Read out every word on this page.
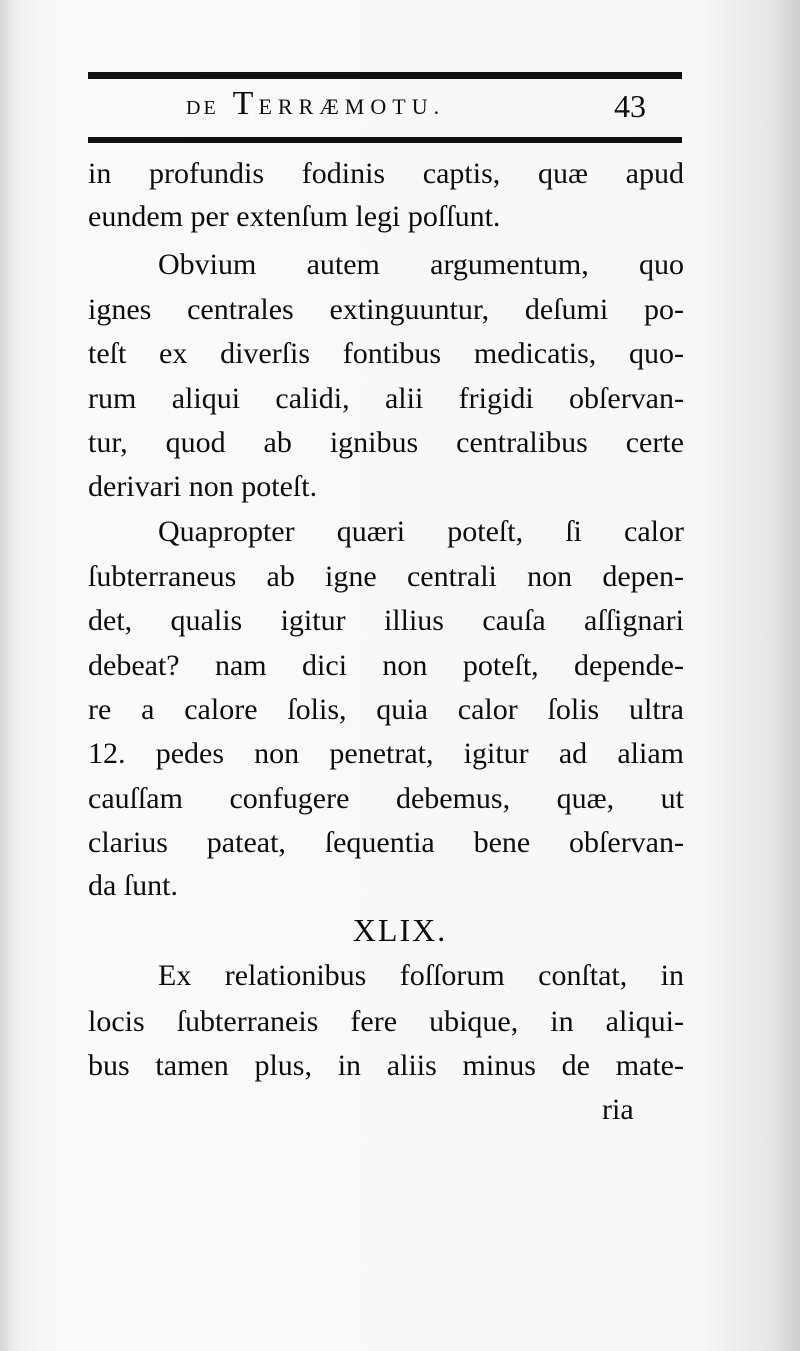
DE TERRÆMOTU.	43
in profundis fodinis captis, quæ apud
eundem per extenſum legi poſſunt.
Obvium autem argumentum, quo
ignes centrales extinguuntur, deſumi po-
teſt ex diverſis fontibus medicatis, quo-
rum aliqui calidi, alii frigidi obſervan-
tur, quod ab ignibus centralibus certe
derivari non poteſt.
Quapropter quæri poteſt, ſi calor
ſubterraneus ab igne centrali non depen-
det, qualis igitur illius cauſa aſſignari
debeat? nam dici non poteſt, depende-
re a calore ſolis, quia calor ſolis ultra
12. pedes non penetrat, igitur ad aliam
cauſſam confugere debemus, quæ, ut
clarius pateat, ſequentia bene obſervan-
da ſunt.
XLIX.
Ex relationibus foſſorum conſtat, in
locis ſubterraneis fere ubique, in aliqui-
bus tamen plus, in aliis minus de mate-
ria
